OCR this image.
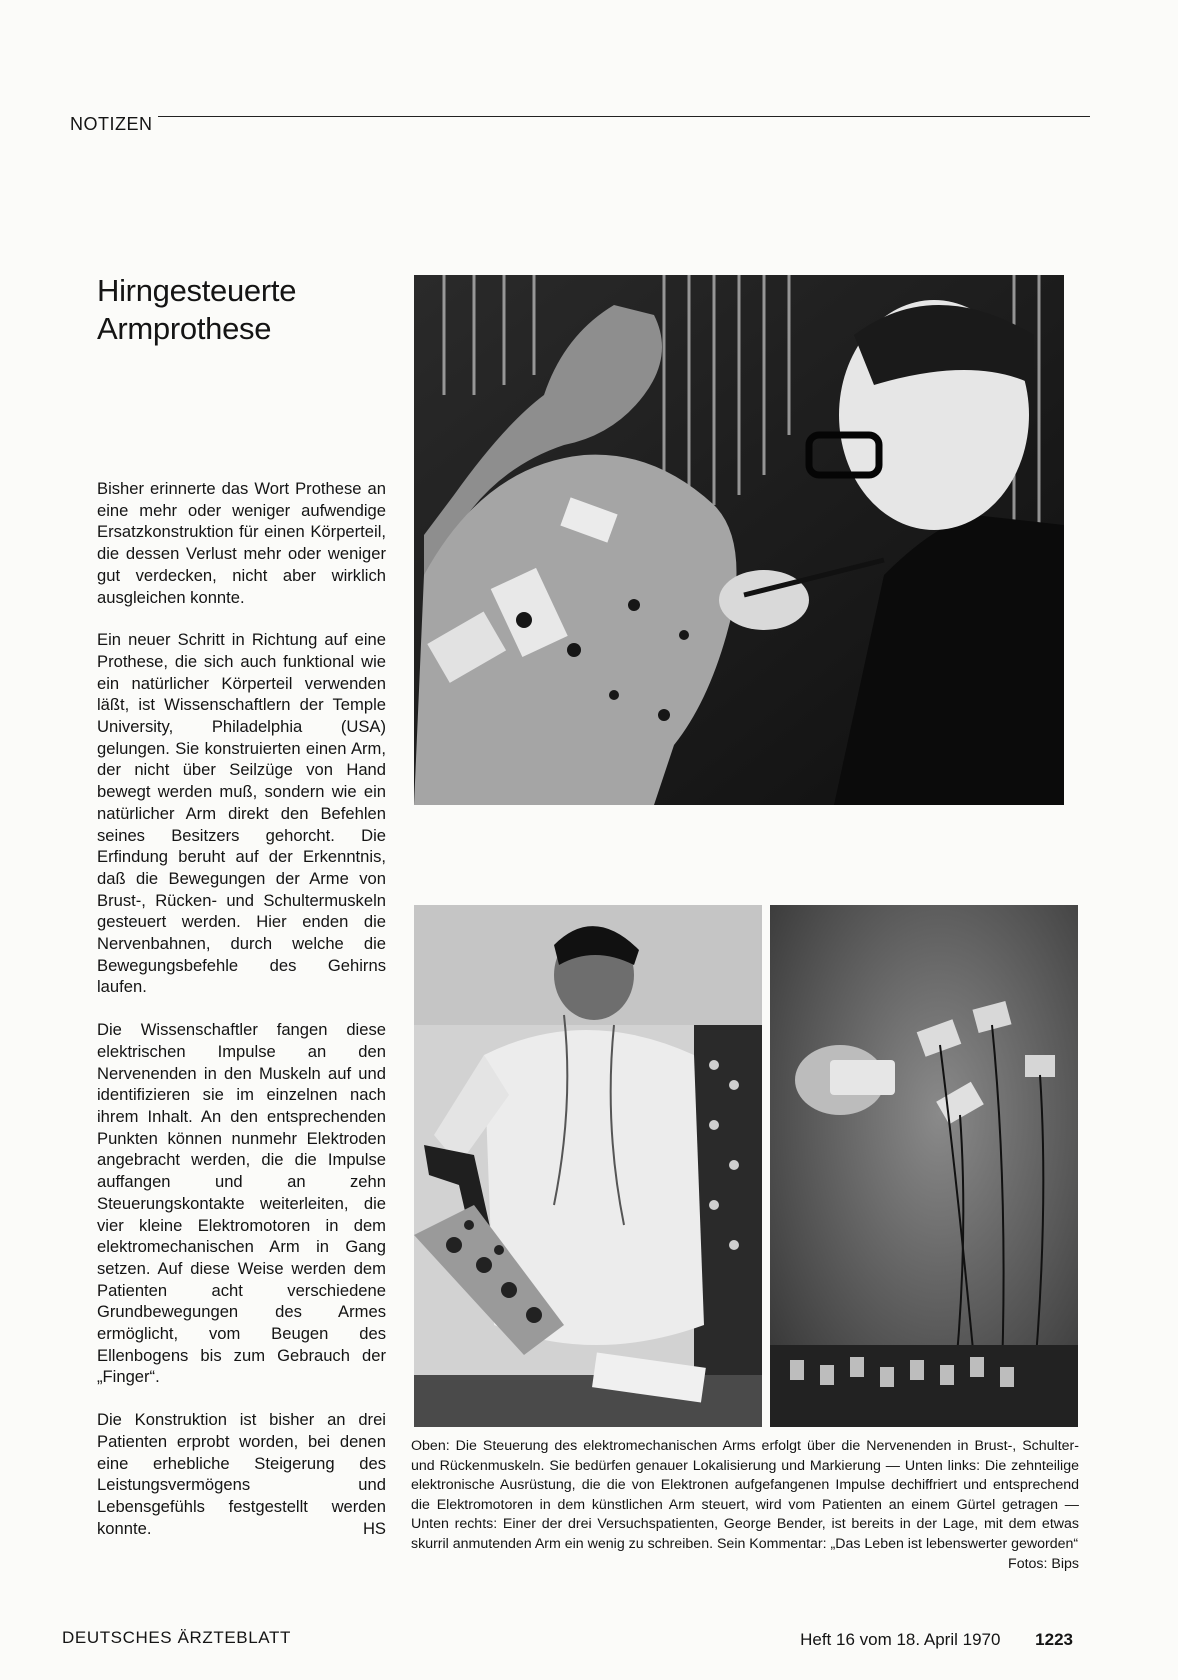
NOTIZEN
Hirngesteuerte
Armprothese

Bisher erinnerte das Wort Prothese an eine mehr oder weniger aufwendige Ersatzkonstruktion für einen Körperteil, die dessen Verlust mehr oder weniger gut verdecken, nicht aber wirklich ausgleichen konnte.

Ein neuer Schritt in Richtung auf eine Prothese, die sich auch funktional wie ein natürlicher Körperteil verwenden läßt, ist Wissenschaftlern der Temple University, Philadelphia (USA) gelungen. Sie konstruierten einen Arm, der nicht über Seilzüge von Hand bewegt werden muß, sondern wie ein natürlicher Arm direkt den Befehlen seines Besitzers gehorcht. Die Erfindung beruht auf der Erkenntnis, daß die Bewegungen der Arme von Brust-, Rücken- und Schultermuskeln gesteuert werden. Hier enden die Nervenbahnen, durch welche die Bewegungsbefehle des Gehirns laufen.

Die Wissenschaftler fangen diese elektrischen Impulse an den Nervenenden in den Muskeln auf und identifizieren sie im einzelnen nach ihrem Inhalt. An den entsprechenden Punkten können nunmehr Elektroden angebracht werden, die die Impulse auffangen und an zehn Steuerungskontakte weiterleiten, die vier kleine Elektromotoren in dem elektromechanischen Arm in Gang setzen. Auf diese Weise werden dem Patienten acht verschiedene Grundbewegungen des Armes ermöglicht, vom Beugen des Ellenbogens bis zum Gebrauch der „Finger“.

Die Konstruktion ist bisher an drei Patienten erprobt worden, bei denen eine erhebliche Steigerung des Leistungsvermögens und Lebensgefühls festgestellt werden konnte.	HS

Oben: Die Steuerung des elektromechanischen Arms erfolgt über die Nervenenden in Brust-, Schulter- und Rückenmuskeln. Sie bedürfen genauer Lokalisierung und Markierung — Unten links: Die zehnteilige elektronische Ausrüstung, die die von Elektronen aufgefangenen Impulse dechiffriert und entsprechend die Elektromotoren in dem künstlichen Arm steuert, wird vom Patienten an einem Gürtel getragen — Unten rechts: Einer der drei Versuchspatienten, George Bender, ist bereits in der Lage, mit dem etwas skurril anmutenden Arm ein wenig zu schreiben. Sein Kommentar: „Das Leben ist lebenswerter geworden“
Fotos: Bips

DEUTSCHES ÄRZTEBLATT	Heft 16 vom 18. April 1970 1223
